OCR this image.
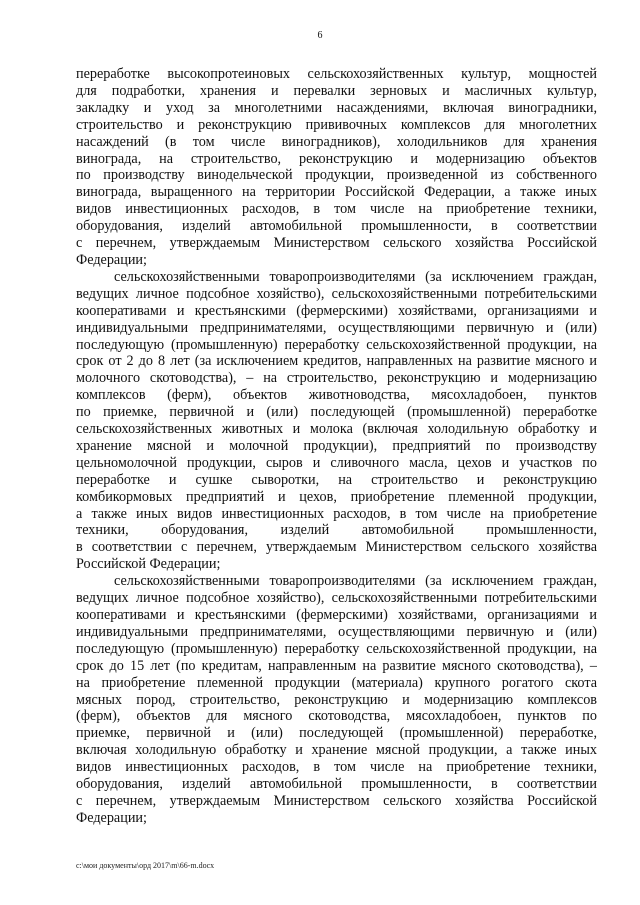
6
переработке высокопротеиновых сельскохозяйственных культур, мощностей
для подработки, хранения и перевалки зерновых и масличных культур,
закладку и уход за многолетними насаждениями, включая виноградники,
строительство и реконструкцию прививочных комплексов для многолетних
насаждений (в том числе виноградников), холодильников для хранения
винограда, на строительство, реконструкцию и модернизацию объектов
по производству винодельческой продукции, произведенной из собственного
винограда, выращенного на территории Российской Федерации, а также иных
видов инвестиционных расходов, в том числе на приобретение техники,
оборудования, изделий автомобильной промышленности, в соответствии
с перечнем, утверждаемым Министерством сельского хозяйства Российской
Федерации;
сельскохозяйственными товаропроизводителями (за исключением граждан,
ведущих личное подсобное хозяйство), сельскохозяйственными потребительскими
кооперативами и крестьянскими (фермерскими) хозяйствами, организациями и
индивидуальными предпринимателями, осуществляющими первичную и (или)
последующую (промышленную) переработку сельскохозяйственной продукции, на
срок от 2 до 8 лет (за исключением кредитов, направленных на развитие мясного и
молочного скотоводства), – на строительство, реконструкцию и модернизацию
комплексов (ферм), объектов животноводства, мясохладобоен, пунктов
по приемке, первичной и (или) последующей (промышленной) переработке
сельскохозяйственных животных и молока (включая холодильную обработку и
хранение мясной и молочной продукции), предприятий по производству
цельномолочной продукции, сыров и сливочного масла, цехов и участков по
переработке и сушке сыворотки, на строительство и реконструкцию
комбикормовых предприятий и цехов, приобретение племенной продукции,
а также иных видов инвестиционных расходов, в том числе на приобретение
техники, оборудования, изделий автомобильной промышленности,
в соответствии с перечнем, утверждаемым Министерством сельского хозяйства
Российской Федерации;
сельскохозяйственными товаропроизводителями (за исключением граждан,
ведущих личное подсобное хозяйство), сельскохозяйственными потребительскими
кооперативами и крестьянскими (фермерскими) хозяйствами, организациями и
индивидуальными предпринимателями, осуществляющими первичную и (или)
последующую (промышленную) переработку сельскохозяйственной продукции, на
срок до 15 лет (по кредитам, направленным на развитие мясного скотоводства), –
на приобретение племенной продукции (материала) крупного рогатого скота
мясных пород, строительство, реконструкцию и модернизацию комплексов
(ферм), объектов для мясного скотоводства, мясохладобоен, пунктов по
приемке, первичной и (или) последующей (промышленной) переработке,
включая холодильную обработку и хранение мясной продукции, а также иных
видов инвестиционных расходов, в том числе на приобретение техники,
оборудования, изделий автомобильной промышленности, в соответствии
с перечнем, утверждаемым Министерством сельского хозяйства Российской
Федерации;
c:\мои документы\орд 2017\m\66-m.docx
